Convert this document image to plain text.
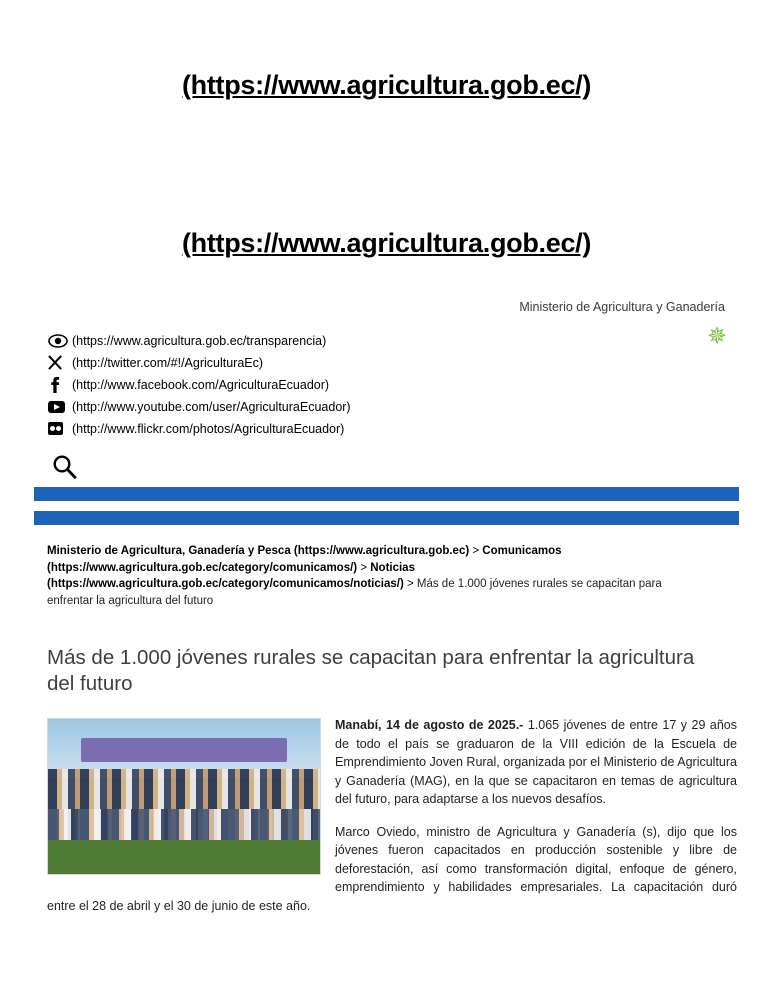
(https://www.agricultura.gob.ec/)
(https://www.agricultura.gob.ec/)
Ministerio de Agricultura y Ganadería
✵
(https://www.agricultura.gob.ec/transparencia)
(http://twitter.com/#!/AgriculturaEc)
(http://www.facebook.com/AgriculturaEcuador)
(http://www.youtube.com/user/AgriculturaEcuador)
(http://www.flickr.com/photos/AgriculturaEcuador)
Ministerio de Agricultura, Ganadería y Pesca (https://www.agricultura.gob.ec) > Comunicamos (https://www.agricultura.gob.ec/category/comunicamos/) > Noticias (https://www.agricultura.gob.ec/category/comunicamos/noticias/) > Más de 1.000 jóvenes rurales se capacitan para enfrentar la agricultura del futuro
Más de 1.000 jóvenes rurales se capacitan para enfrentar la agricultura del futuro

Manabí, 14 de agosto de 2025.- 1.065 jóvenes de entre 17 y 29 años de todo el país se graduaron de la VIII edición de la Escuela de Emprendimiento Joven Rural, organizada por el Ministerio de Agricultura y Ganadería (MAG), en la que se capacitaron en temas de agricultura del futuro, para adaptarse a los nuevos desafíos.

Marco Oviedo, ministro de Agricultura y Ganadería (s), dijo que los jóvenes fueron capacitados en producción sostenible y libre de deforestación, así como transformación digital, enfoque de género, emprendimiento y habilidades empresariales. La capacitación duró entre el 28 de abril y el 30 de junio de este año.
